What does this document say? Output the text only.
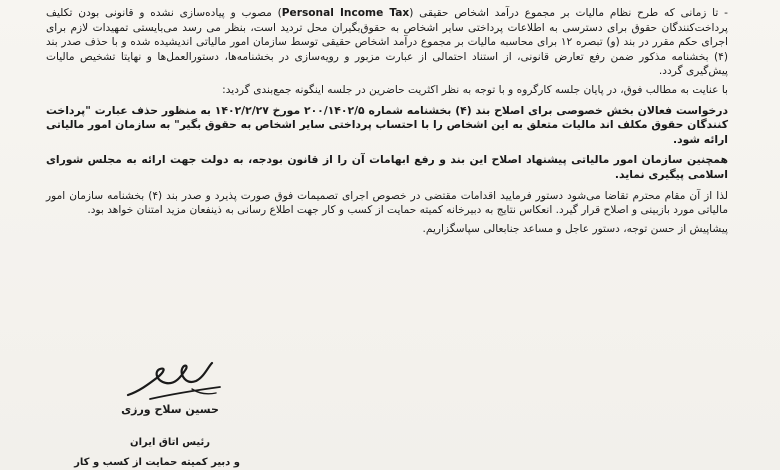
- تا زمانی که طرح نظام مالیات بر مجموع درآمد اشخاص حقیقی (Personal Income Tax) مصوب و پیاده‌سازی نشده و قانونی بودن تکلیف پرداخت‌کنندگان حقوق برای دسترسی به اطلاعات پرداختی سایر اشخاص به حقوق‌بگیران محل تردید است، بنظر می رسد می‌بایستی تمهیدات لازم برای اجرای حکم مقرر در بند (و) تبصره ۱۲ برای محاسبه مالیات بر مجموع درآمد اشخاص حقیقی توسط سازمان امور مالیاتی اندیشیده شده و با حذف صدر بند (۴) بخشنامه مذکور ضمن رفع تعارض قانونی، از استناد احتمالی از عبارت مزبور و رویه‌سازی در بخشنامه‌ها، دستورالعمل‌ها و نهایتا تشخیص مالیات پیش‌گیری گردد.

با عنایت به مطالب فوق، در پایان جلسه کارگروه و با توجه به نظر اکثریت حاضرین در جلسه اینگونه جمع‌بندی گردید:

درخواست فعالان بخش خصوصی برای اصلاح بند (۴) بخشنامه شماره ۲۰۰/۱۴۰۲/۵ مورخ ۱۴۰۲/۲/۲۷ به منظور حذف عبارت "پرداخت کنندگان حقوق مکلف اند مالیات متعلق به این اشخاص را با احتساب پرداختی سایر اشخاص به حقوق بگیر" به سازمان امور مالیاتی ارائه شود.

همچنین سازمان امور مالیاتی پیشنهاد اصلاح این بند و رفع ابهامات آن را از قانون بودجه، به دولت جهت ارائه به مجلس شورای اسلامی پیگیری نماید.

لذا از آن مقام محترم تقاضا می‌شود دستور فرمایید اقدامات مقتضی در خصوص اجرای تصمیمات فوق صورت پذیرد و صدر بند (۴) بخشنامه سازمان امور مالیاتی مورد بازبینی و اصلاح قرار گیرد. انعکاس نتایج به دبیرخانه کمیته حمایت از کسب و کار جهت اطلاع رسانی به ذینفعان مزید امتنان خواهد بود.

پیشاپیش از حسن توجه، دستور عاجل و مساعد جنابعالی سپاسگزاریم.

حسین سلاح ورزی
رئیس اتاق ایران
و دبیر کمیته حمایت از کسب و کار
